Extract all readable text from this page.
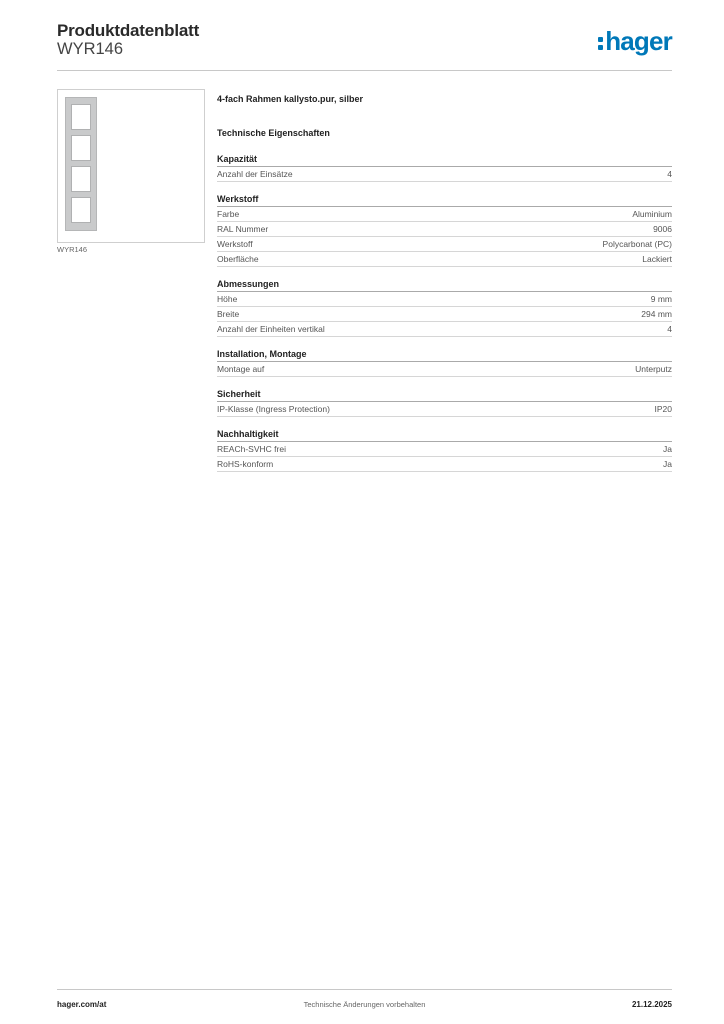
Produktdatenblatt
WYR146	hager
WYR146
4-fach Rahmen kallysto.pur, silber
Technische Eigenschaften
Kapazität
Anzahl der Einsätze	4
Werkstoff
Farbe	Aluminium
RAL Nummer	9006
Werkstoff	Polycarbonat (PC)
Oberfläche	Lackiert
Abmessungen
Höhe	9 mm
Breite	294 mm
Anzahl der Einheiten vertikal	4
Installation, Montage
Montage auf	Unterputz
Sicherheit
IP-Klasse (Ingress Protection)	IP20
Nachhaltigkeit
REACh-SVHC frei	Ja
RoHS-konform	Ja
hager.com/at	Technische Änderungen vorbehalten	21.12.2025
